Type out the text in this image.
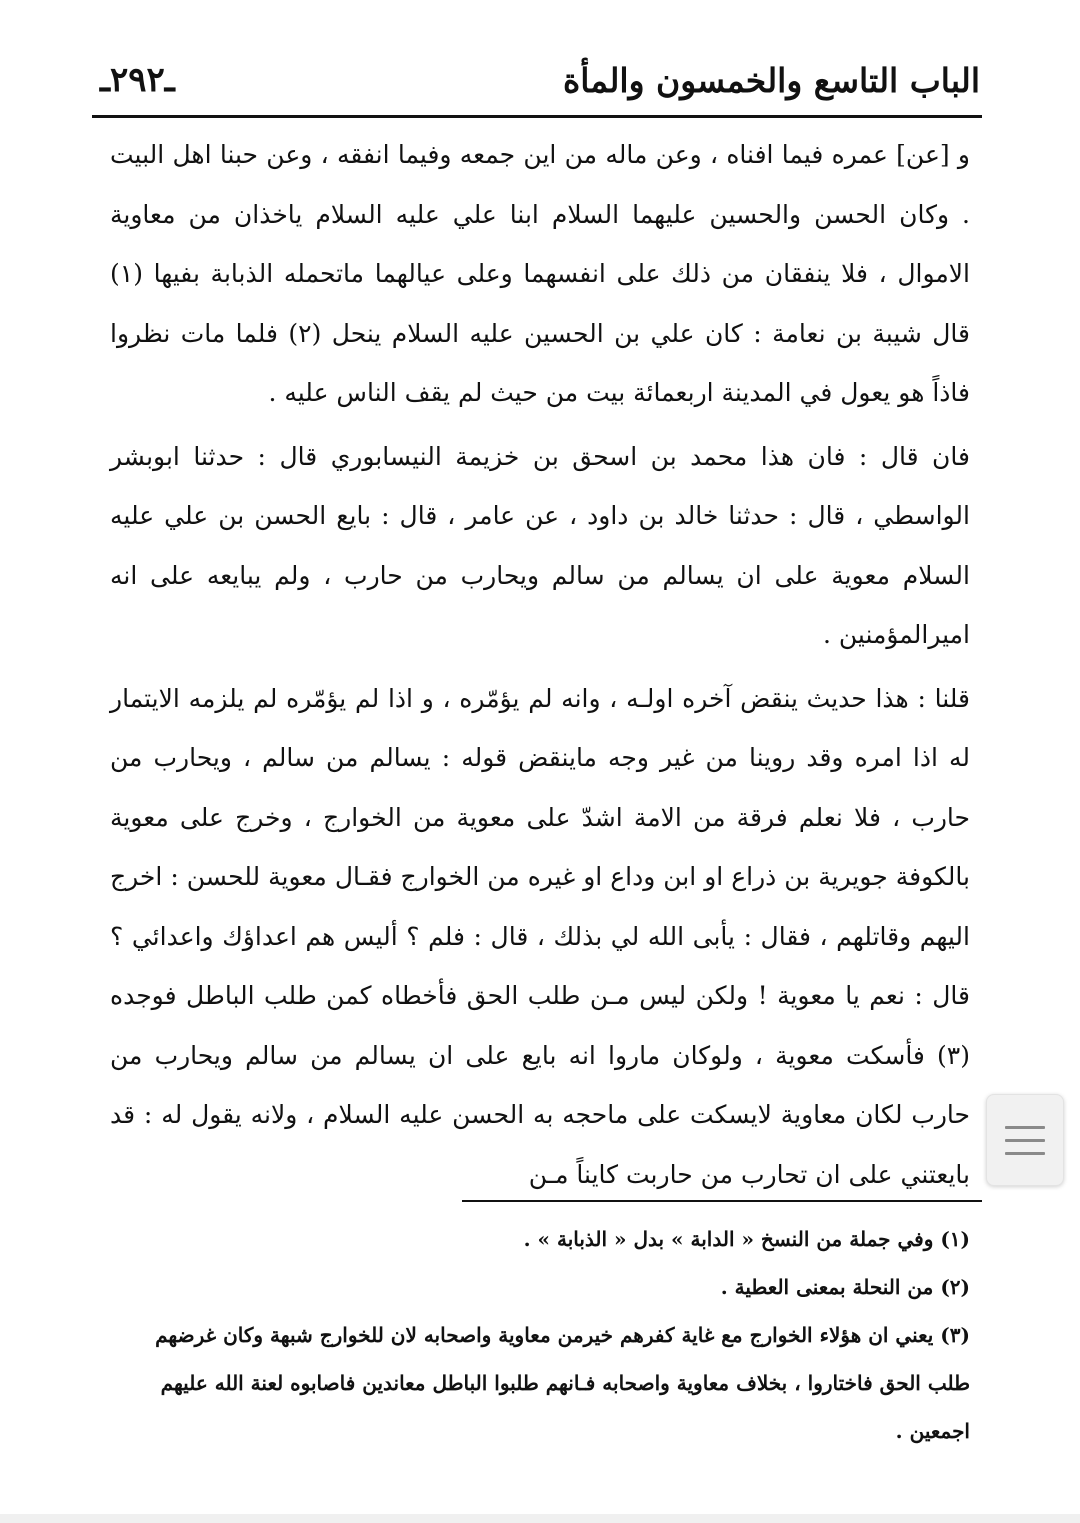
الباب التاسع والخمسون والمأة
ـ٢٩٢ـ

و [عن] عمره فيما افناه ، وعن ماله من اين جمعه وفيما انفقه ، وعن حبنا اهل البيت . وكان الحسن والحسين عليهما السلام ابنا علي عليه السلام ياخذان من معاوية الاموال ، فلا ينفقان من ذلك على انفسهما وعلى عيالهما ماتحمله الذبابة بفيها (١) قال شيبة بن نعامة : كان علي بن الحسين عليه السلام ينحل (٢) فلما مات نظروا فاذاً هو يعول في المدينة اربعمائة بيت من حيث لم يقف الناس عليه .

فان قال : فان هذا محمد بن اسحق بن خزيمة النيسابوري قال : حدثنا ابوبشر الواسطي ، قال : حدثنا خالد بن داود ، عن عامر ، قال : بايع الحسن بن علي عليه السلام معوية على ان يسالم من سالم ويحارب من حارب ، ولم يبايعه على انه اميرالمؤمنين .

قلنا : هذا حديث ينقض آخره اولـه ، وانه لم يؤمّره ، و اذا لم يؤمّره لم يلزمه الايتمار له اذا امره وقد روينا من غير وجه ماينقض قوله : يسالم من سالم ، ويحارب من حارب ، فلا نعلم فرقة من الامة اشدّ على معوية من الخوارج ، وخرج على معوية بالكوفة جويرية بن ذراع او ابن وداع او غيره من الخوارج فقـال معوية للحسن : اخرج اليهم وقاتلهم ، فقال : يأبى الله لي بذلك ، قال : فلم ؟ أليس هم اعداؤك واعدائي ؟ قال : نعم يا معوية ! ولكن ليس مـن طلب الحق فأخطاه كمن طلب الباطل فوجده (٣) فأسكت معوية ، ولوكان ماروا انه بايع على ان يسالم من سالم ويحارب من حارب لكان معاوية لايسكت على ماحجه به الحسن عليه السلام ، ولانه يقول له : قد بايعتني على ان تحارب من حاربت كايناً مـن

(١) وفي جملة من النسخ « الدابة » بدل « الذبابة » .

(٢) من النحلة بمعنى العطية .

(٣) يعني ان هؤلاء الخوارج مع غاية كفرهم خيرمن معاوية واصحابه لان للخوارج شبهة وكان غرضهم طلب الحق فاختاروا ، بخلاف معاوية واصحابه فـانهم طلبوا الباطل معاندين فاصابوه لعنة الله عليهم اجمعين .
